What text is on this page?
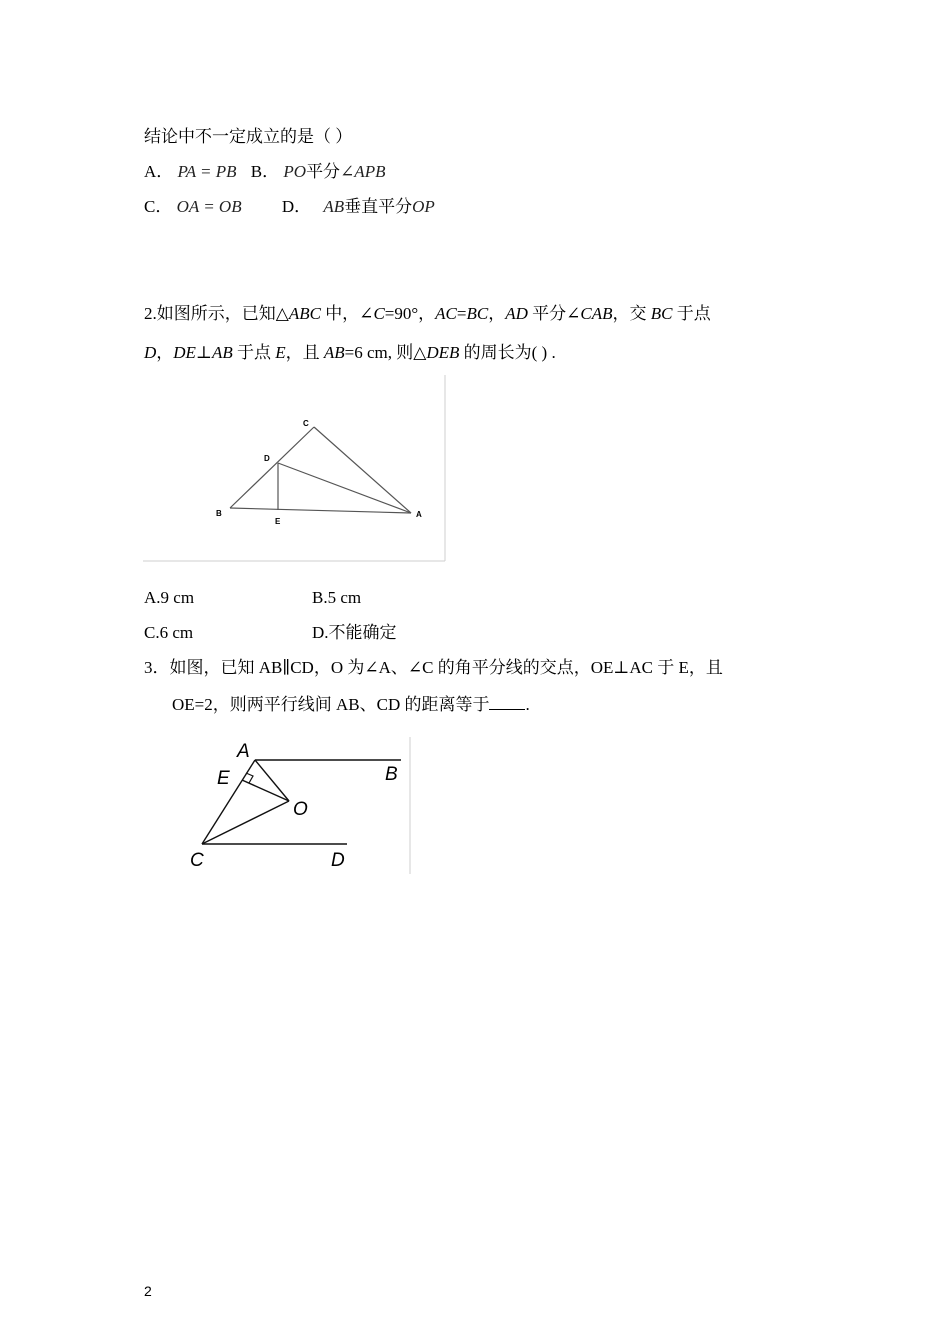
结论中不一定成立的是（ ）
A． PA = PB B． PO平分∠APB
C． OA = OB D． AB垂直平分OP
2.如图所示，已知△ABC 中，∠C=90°，AC=BC，AD 平分∠CAB，交 BC 于点
D，DE⊥AB 于点 E，且 AB=6 cm, 则△DEB 的周长为( ) .
C
D
B
E
A
A.9 cm	B.5 cm
C.6 cm	D.不能确定
3．如图，已知 AB∥CD，O 为∠A、∠C 的角平分线的交点，OE⊥AC 于 E，且
OE=2，则两平行线间 AB、CD 的距离等于 .
A
B
E
O
C	D
2
